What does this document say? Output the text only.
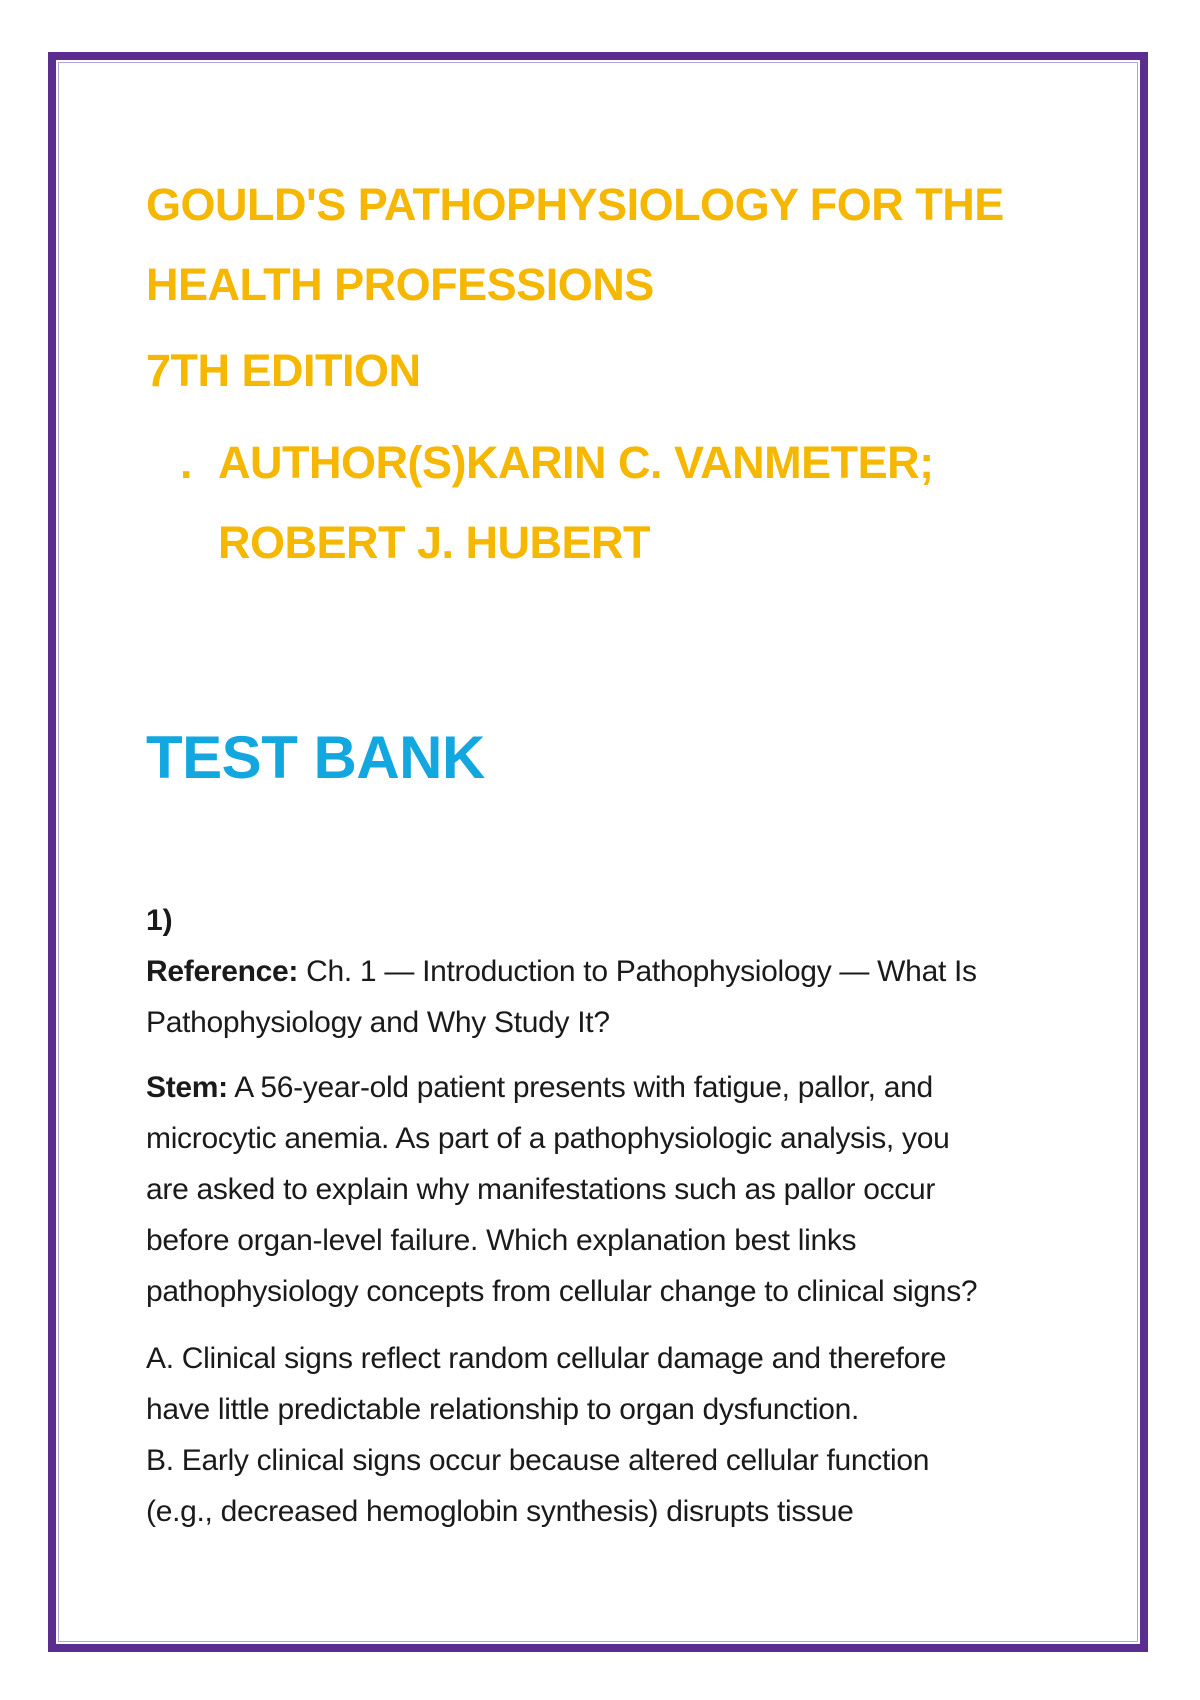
GOULD'S PATHOPHYSIOLOGY FOR THE
HEALTH PROFESSIONS
7TH EDITION
. AUTHOR(S)KARIN C. VANMETER;
ROBERT J. HUBERT
TEST BANK
1)
Reference: Ch. 1 — Introduction to Pathophysiology — What Is
Pathophysiology and Why Study It?
Stem: A 56-year-old patient presents with fatigue, pallor, and
microcytic anemia. As part of a pathophysiologic analysis, you
are asked to explain why manifestations such as pallor occur
before organ-level failure. Which explanation best links
pathophysiology concepts from cellular change to clinical signs?
A. Clinical signs reflect random cellular damage and therefore
have little predictable relationship to organ dysfunction.
B. Early clinical signs occur because altered cellular function
(e.g., decreased hemoglobin synthesis) disrupts tissue
